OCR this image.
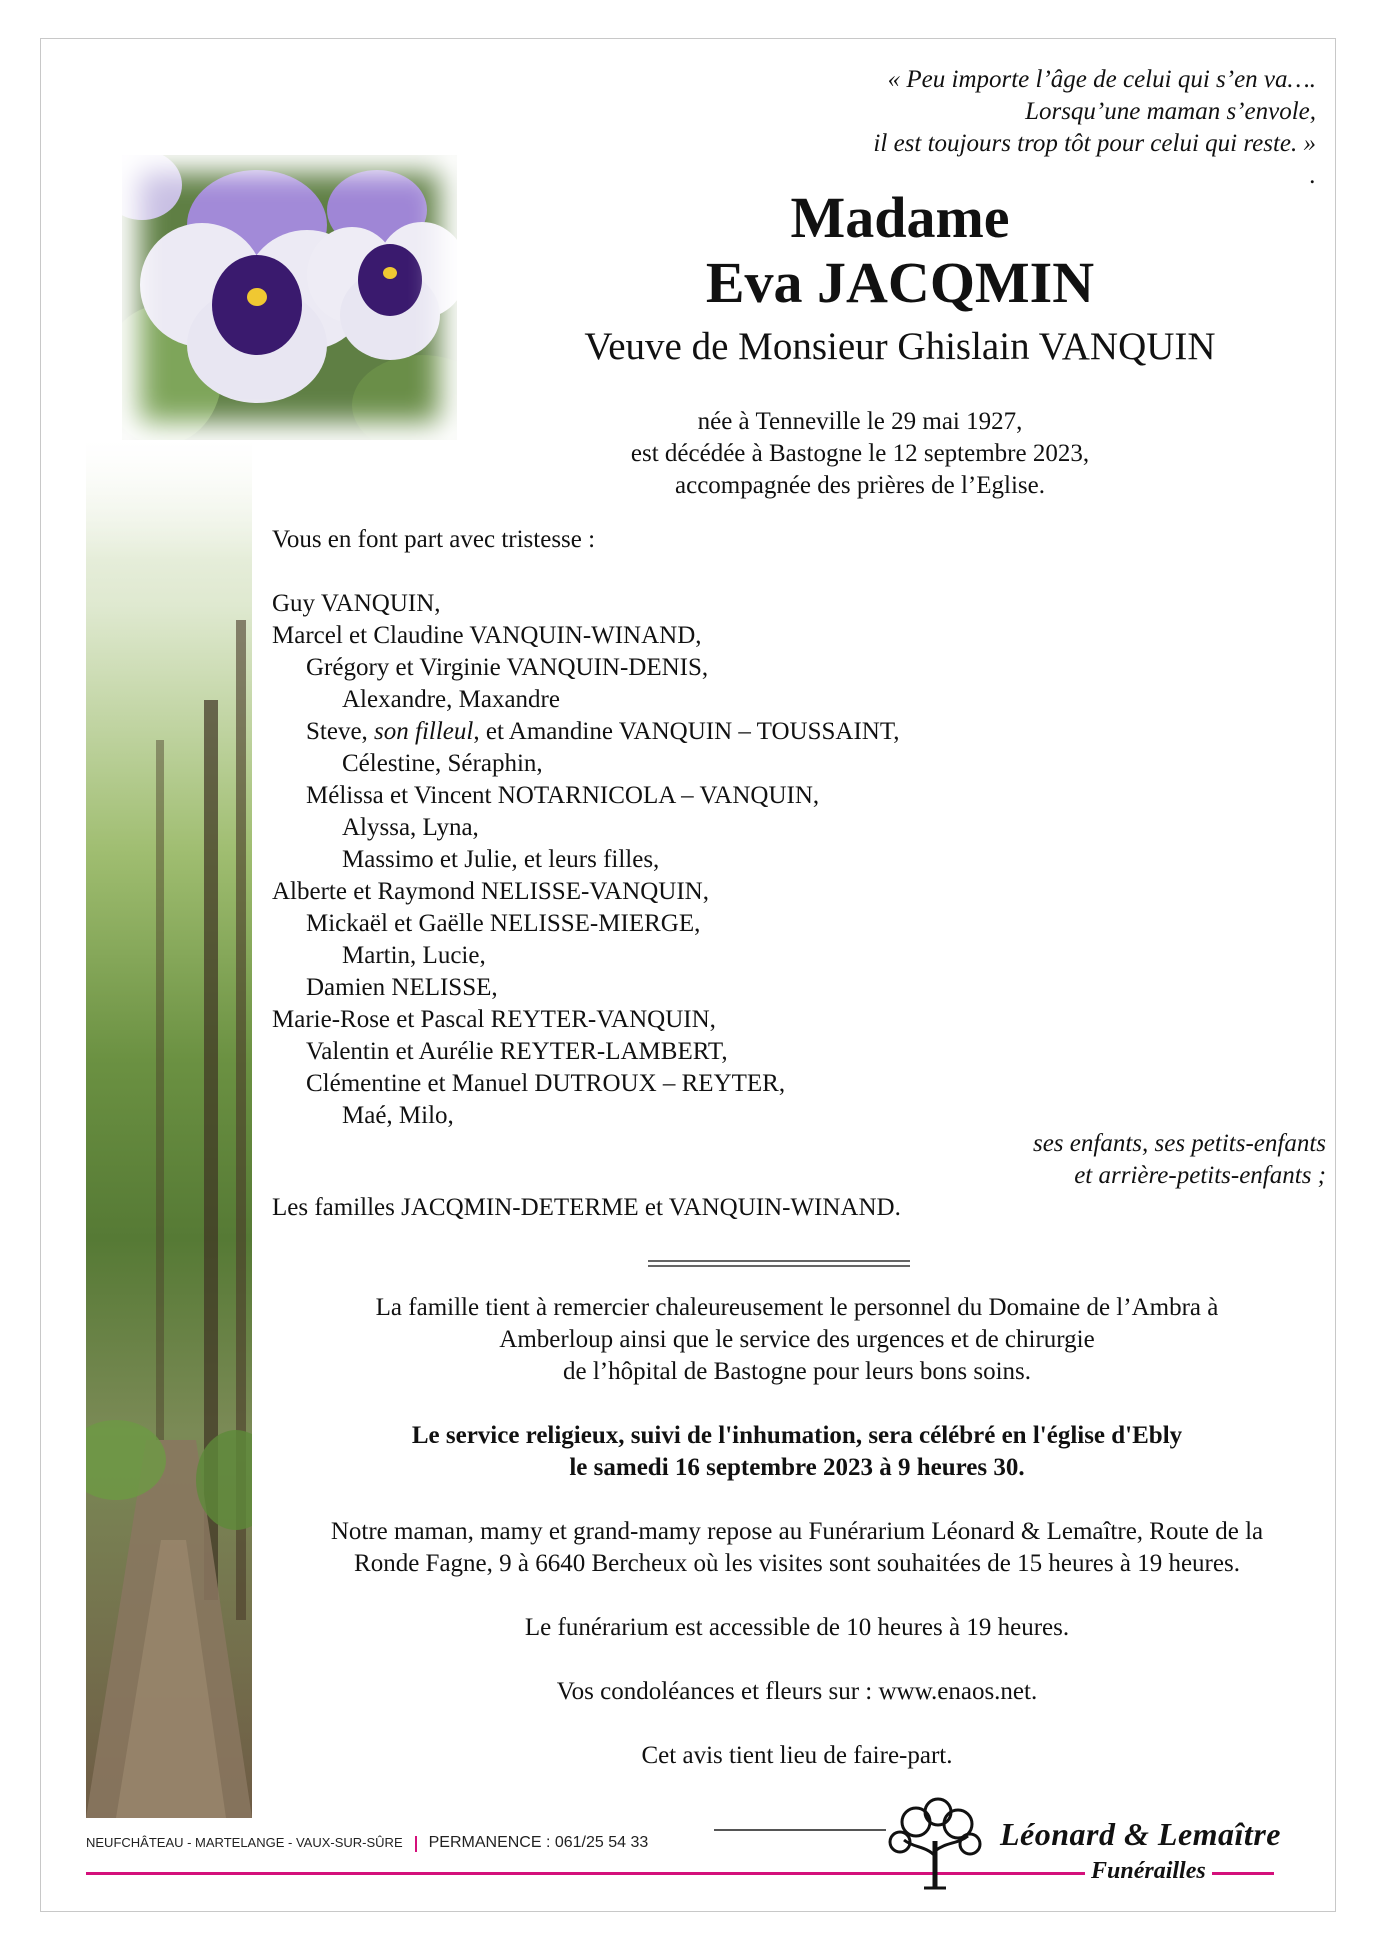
« Peu importe l’âge de celui qui s’en va….
Lorsqu’une maman s’envole,
il est toujours trop tôt pour celui qui reste. »
.
Madame
Eva JACQMIN
Veuve de Monsieur Ghislain VANQUIN
née à Tenneville le 29 mai 1927,
est décédée à Bastogne le 12 septembre 2023,
accompagnée des prières de l’Eglise.
Vous en font part avec tristesse :
Guy VANQUIN,
Marcel et Claudine VANQUIN-WINAND,
Grégory et Virginie VANQUIN-DENIS,
Alexandre, Maxandre
Steve, son filleul, et Amandine VANQUIN – TOUSSAINT,
Célestine, Séraphin,
Mélissa et Vincent NOTARNICOLA – VANQUIN,
Alyssa, Lyna,
Massimo et Julie, et leurs filles,
Alberte et Raymond NELISSE-VANQUIN,
Mickaël et Gaëlle NELISSE-MIERGE,
Martin, Lucie,
Damien NELISSE,
Marie-Rose et Pascal REYTER-VANQUIN,
Valentin et Aurélie REYTER-LAMBERT,
Clémentine et Manuel DUTROUX – REYTER,
Maé, Milo,
ses enfants, ses petits-enfants
et arrière-petits-enfants ;
Les familles JACQMIN-DETERME et VANQUIN-WINAND.
La famille tient à remercier chaleureusement le personnel du Domaine de l’Ambra à
Amberloup ainsi que le service des urgences et de chirurgie
de l’hôpital de Bastogne pour leurs bons soins.
Le service religieux, suivi de l'inhumation, sera célébré en l'église d'Ebly
le samedi 16 septembre 2023 à 9 heures 30.
Notre maman, mamy et grand-mamy repose au Funérarium Léonard & Lemaître, Route de la
Ronde Fagne, 9 à 6640 Bercheux où les visites sont souhaitées de 15 heures à 19 heures.
Le funérarium est accessible de 10 heures à 19 heures.
Vos condoléances et fleurs sur : www.enaos.net.
Cet avis tient lieu de faire-part.
NEUFCHÂTEAU - MARTELANGE - VAUX-SUR-SÛRE PERMANENCE : 061/25 54 33	Léonard & Lemaître
Funérailles
